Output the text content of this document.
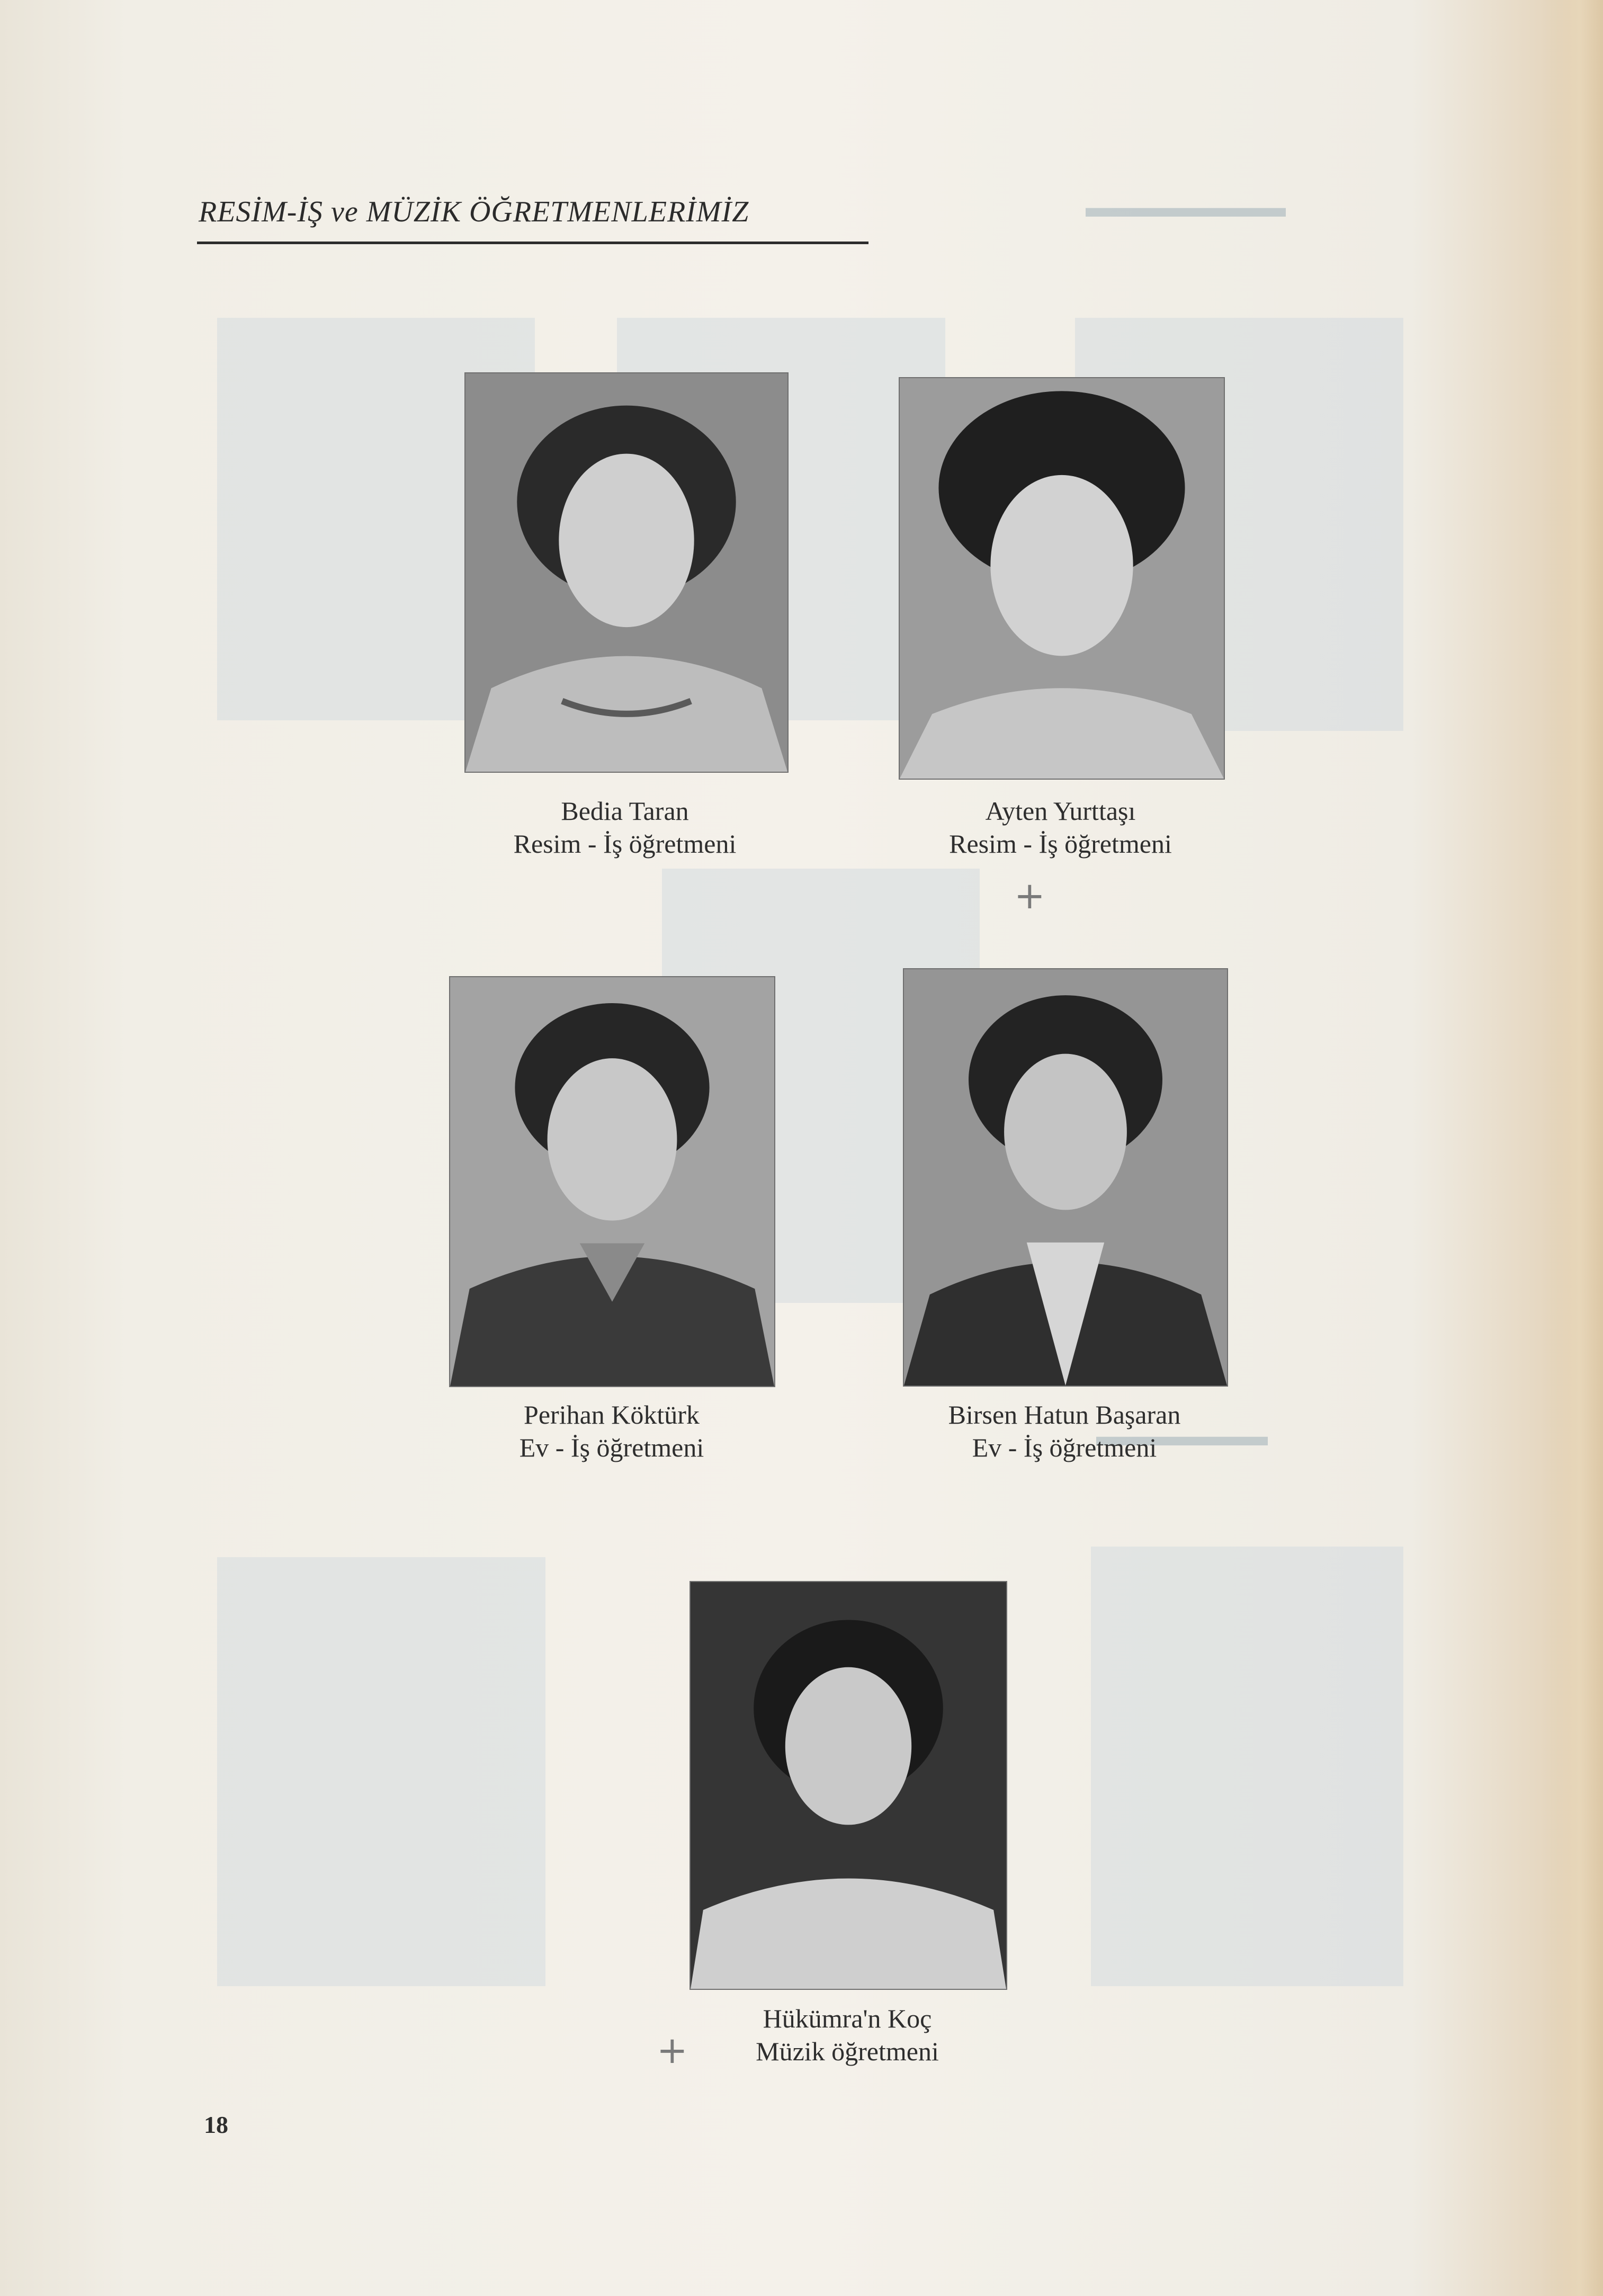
▬▬▬▬▬▬▬
▬▬▬▬▬▬
RESİM-İŞ ve MÜZİK ÖĞRETMENLERİMİZ
Bedia Taran
Resim - İş öğretmeni
Ayten Yurttaşı
Resim - İş öğretmeni
Perihan Köktürk
Ev - İş öğretmeni
Birsen Hatun Başaran
Ev - İş öğretmeni
Hükümra'n Koç
Müzik öğretmeni
+
+
18
